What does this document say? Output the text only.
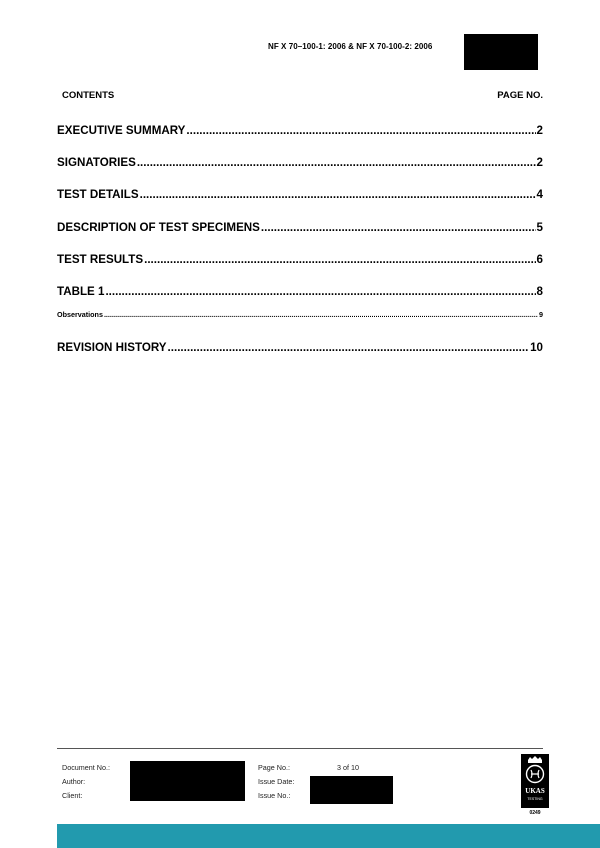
NF X 70–100-1: 2006 & NF X 70-100-2: 2006
CONTENTS	PAGE NO.
EXECUTIVE SUMMARY .....	2
SIGNATORIES .....	2
TEST DETAILS .....	4
DESCRIPTION OF TEST SPECIMENS .....	5
TEST RESULTS .....	6
TABLE 1 .....	8
Observations .....	9
REVISION HISTORY .....	10
Document No.:
Author:
Client:
Page No.:	3 of 10
Issue Date:
Issue No.:	UKAS
TESTING
0249
